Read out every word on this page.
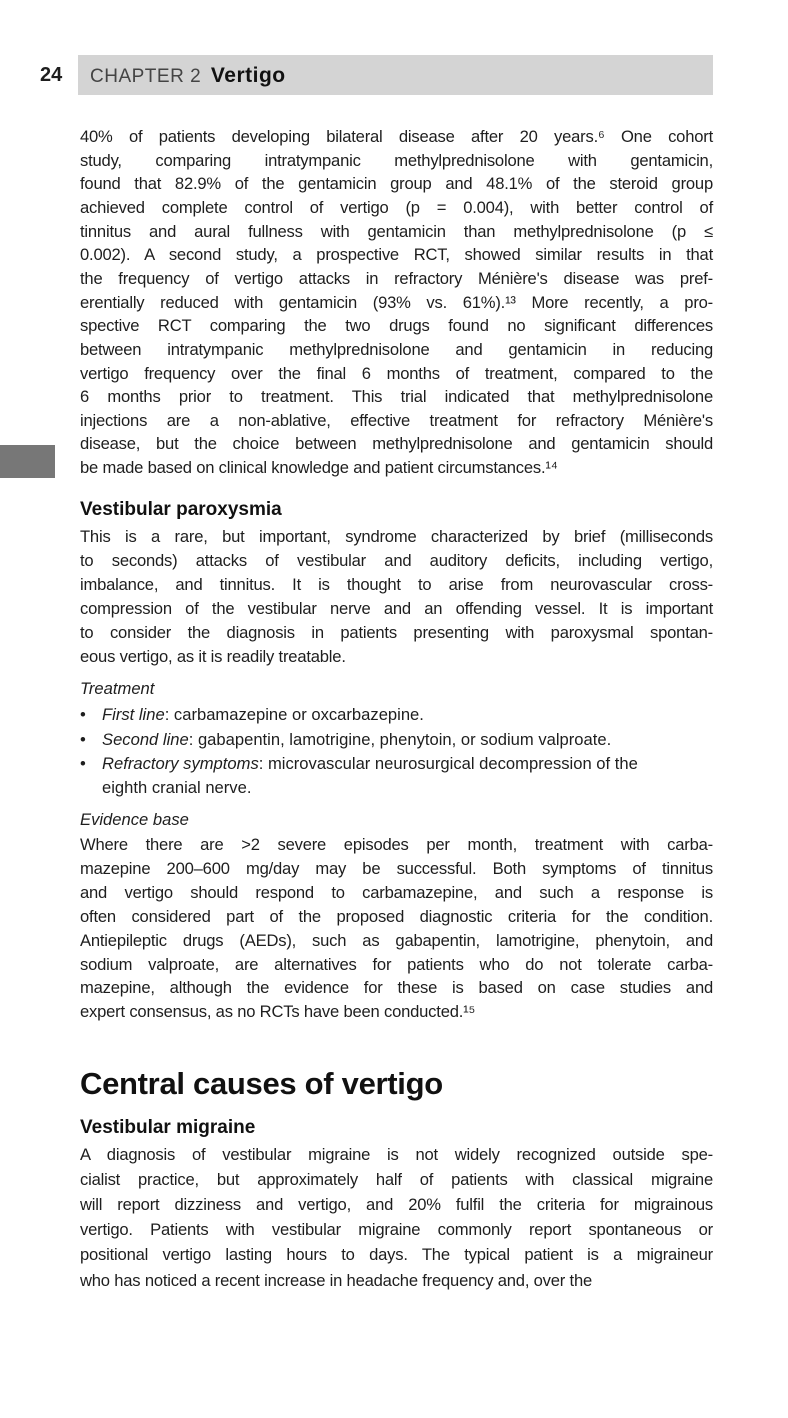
24 CHAPTER 2 Vertigo
40% of patients developing bilateral disease after 20 years.⁶ One cohort
study, comparing intratympanic methylprednisolone with gentamicin,
found that 82.9% of the gentamicin group and 48.1% of the steroid group
achieved complete control of vertigo (p = 0.004), with better control of
tinnitus and aural fullness with gentamicin than methylprednisolone (p ≤
0.002). A second study, a prospective RCT, showed similar results in that
the frequency of vertigo attacks in refractory Ménière's disease was pref-
erentially reduced with gentamicin (93% vs. 61%).¹³ More recently, a pro-
spective RCT comparing the two drugs found no significant differences
between intratympanic methylprednisolone and gentamicin in reducing
vertigo frequency over the final 6 months of treatment, compared to the
6 months prior to treatment. This trial indicated that methylprednisolone
injections are a non-ablative, effective treatment for refractory Ménière's
disease, but the choice between methylprednisolone and gentamicin should
be made based on clinical knowledge and patient circumstances.¹⁴
Vestibular paroxysmia
This is a rare, but important, syndrome characterized by brief (milliseconds
to seconds) attacks of vestibular and auditory deficits, including vertigo,
imbalance, and tinnitus. It is thought to arise from neurovascular cross-
compression of the vestibular nerve and an offending vessel. It is important
to consider the diagnosis in patients presenting with paroxysmal spontan-
eous vertigo, as it is readily treatable.
Treatment
• First line: carbamazepine or oxcarbazepine.
• Second line: gabapentin, lamotrigine, phenytoin, or sodium valproate.
• Refractory symptoms: microvascular neurosurgical decompression of the
eighth cranial nerve.
Evidence base
Where there are >2 severe episodes per month, treatment with carba-
mazepine 200–600 mg/day may be successful. Both symptoms of tinnitus
and vertigo should respond to carbamazepine, and such a response is
often considered part of the proposed diagnostic criteria for the condition.
Antiepileptic drugs (AEDs), such as gabapentin, lamotrigine, phenytoin, and
sodium valproate, are alternatives for patients who do not tolerate carba-
mazepine, although the evidence for these is based on case studies and
expert consensus, as no RCTs have been conducted.¹⁵
Central causes of vertigo
Vestibular migraine
A diagnosis of vestibular migraine is not widely recognized outside spe-
cialist practice, but approximately half of patients with classical migraine
will report dizziness and vertigo, and 20% fulfil the criteria for migrainous
vertigo. Patients with vestibular migraine commonly report spontaneous or
positional vertigo lasting hours to days. The typical patient is a migraineur
who has noticed a recent increase in headache frequency and, over the
